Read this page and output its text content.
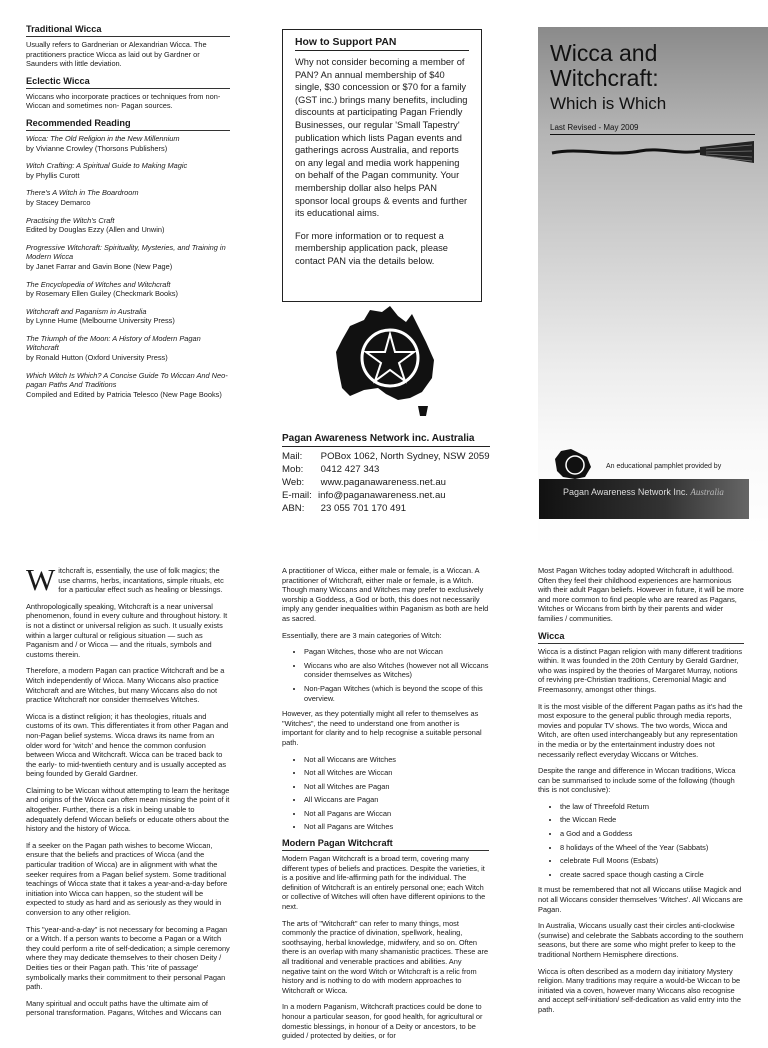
Traditional Wicca

Usually refers to Gardnerian or Alexandrian Wicca. The practitioners practice Wicca as laid out by Gardner or Saunders with little deviation.

Eclectic Wicca

Wiccans who incorporate practices or techniques from non-Wiccan and sometimes non- Pagan sources.

Recommended Reading
Wicca: The Old Religion in the New Millennium
by Vivianne Crowley (Thorsons Publishers)
Witch Crafting: A Spiritual Guide to Making Magic
by Phyllis Curott
There's A Witch in The Boardroom
by Stacey Demarco
Practising the Witch's Craft
Edited by Douglas Ezzy (Allen and Unwin)
Progressive Witchcraft: Spirituality, Mysteries, and Training in Modern Wicca
by Janet Farrar and Gavin Bone (New Page)
The Encyclopedia of Witches and Witchcraft
by Rosemary Ellen Guiley (Checkmark Books)
Witchcraft and Paganism in Australia
by Lynne Hume (Melbourne University Press)
The Triumph of the Moon: A History of Modern Pagan Witchcraft
by Ronald Hutton (Oxford University Press)
Which Witch Is Which? A Concise Guide To Wiccan And Neo-pagan Paths And Traditions
Compiled and Edited by Patricia Telesco (New Page Books)
How to Support PAN

Why not consider becoming a member of PAN? An annual membership of $40 single, $30 concession or $70 for a family (GST inc.) brings many benefits, including discounts at participating Pagan Friendly Businesses, our regular 'Small Tapestry' publication which lists Pagan events and gatherings across Australia, and reports on any legal and media work happening on behalf of the Pagan community. Your membership dollar also helps PAN sponsor local groups & events and further its educational aims.

For more information or to request a membership application pack, please contact PAN via the details below.

Pagan Awareness Network inc. Australia
Mail: POBox 1062, North Sydney, NSW 2059
Mob: 0412 427 343
Web: www.paganawareness.net.au
E-mail: info@paganawareness.net.au
ABN: 23 055 701 170 491
Wicca and
Witchcraft:
Which is Which
Last Revised - May 2009
An educational pamphlet provided by
Pagan Awareness Network Inc. Australia

Witchcraft is, essentially, the use of folk magics; the use charms, herbs, incantations, simple rituals, etc for a particular effect such as healing or blessings.

Anthropologically speaking, Witchcraft is a near universal phenomenon, found in every culture and throughout history. It is not a distinct or universal religion as such. It usually exists within a larger cultural or religious situation — such as Paganism and / or Wicca — and the rituals, symbols and customs therein.

Therefore, a modern Pagan can practice Witchcraft and be a Witch independently of Wicca. Many Wiccans also practice Witchcraft and are Witches, but many Wiccans also do not practice Witchcraft nor consider themselves Witches.

Wicca is a distinct religion; it has theologies, rituals and customs of its own. This differentiates it from other Pagan and non-Pagan belief systems. Wicca draws its name from an older word for 'witch' and hence the common confusion between Wicca and Witchcraft. Wicca can be traced back to the early- to mid-twentieth century and is usually accepted as being founded by Gerald Gardner.

Claiming to be Wiccan without attempting to learn the heritage and origins of the Wicca can often mean missing the point of it altogether. Further, there is a risk in being unable to adequately defend Wiccan beliefs or educate others about the history and the history of Wicca.

If a seeker on the Pagan path wishes to become Wiccan, ensure that the beliefs and practices of Wicca (and the particular tradition of Wicca) are in alignment with what the seeker requires from a Pagan belief system. Some traditional teachings of Wicca state that it takes a year-and-a-day before initiation into Wicca can happen, so the student will be expected to study as hard and as seriously as they would in conversion to any other religion.

This "year-and-a-day" is not necessary for becoming a Pagan or a Witch. If a person wants to become a Pagan or a Witch they could perform a rite of self-dedication; a simple ceremony where they may dedicate themselves to their chosen Deity / Deities ties or their Pagan path. This 'rite of passage' symbolically marks their commitment to their personal Pagan path.

Many spiritual and occult paths have the ultimate aim of personal transformation. Pagans, Witches and Wiccans can

A practitioner of Wicca, either male or female, is a Wiccan. A practitioner of Witchcraft, either male or female, is a Witch. Though many Wiccans and Witches may prefer to exclusively worship a Goddess, a God or both, this does not necessarily imply any gender inequalities within Paganism as both are held as sacred.

Essentially, there are 3 main categories of Witch:

• Pagan Witches, those who are not Wiccan
• Wiccans who are also Witches (however not all Wiccans consider themselves as Witches)
• Non-Pagan Witches (which is beyond the scope of this overview.

However, as they potentially might all refer to themselves as "Witches", the need to understand one from another is important for clarity and to help recognise a suitable personal path.

• Not all Wiccans are Witches
• Not all Witches are Wiccan
• Not all Witches are Pagan
• All Wiccans are Pagan
• Not all Pagans are Wiccan
• Not all Pagans are Witches
Modern Pagan Witchcraft

Modern Pagan Witchcraft is a broad term, covering many different types of beliefs and practices. Despite the varieties, it is a positive and life-affirming path for the individual. The definition of Witchcraft is an entirely personal one; each Witch or collective of Witches will often have different opinions to the next.

The arts of "Witchcraft" can refer to many things, most commonly the practice of divination, spellwork, healing, soothsaying, herbal knowledge, midwifery, and so on. Often there is an overlap with many shamanistic practices. These are all traditional and venerable practices and abilities. Any negative taint on the word Witch or Witchcraft is a relic from history and is nothing to do with modern approaches to Witchcraft or Wicca.

In a modern Paganism, Witchcraft practices could be done to honour a particular season, for good health, for agricultural or domestic blessings, in honour of a Deity or ancestors, to be guided / protected by deities, or for

Most Pagan Witches today adopted Witchcraft in adulthood. Often they feel their childhood experiences are harmonious with their adult Pagan beliefs. However in future, it will be more and more common to find people who are reared as Pagans, Witches or Wiccans from birth by their parents and wider families / communities.

Wicca

Wicca is a distinct Pagan religion with many different traditions within. It was founded in the 20th Century by Gerald Gardner, who was inspired by the theories of Margaret Murray, notions of reviving pre-Christian traditions, Ceremonial Magic and Freemasonry, amongst other things.

It is the most visible of the different Pagan paths as it's had the most exposure to the general public through media reports, movies and popular TV shows. The two words, Wicca and Witch, are often used interchangeably but any representation in the media or by the entertainment industry does not necessarily reflect everyday Wiccans or Witches.

Despite the range and difference in Wiccan traditions, Wicca can be summarised to include some of the following (though this is not conclusive):

• the law of Threefold Return
• the Wiccan Rede
• a God and a Goddess
• 8 holidays of the Wheel of the Year (Sabbats)
• celebrate Full Moons (Esbats)
• create sacred space though casting a Circle

It must be remembered that not all Wiccans utilise Magick and not all Wiccans consider themselves 'Witches'. All Wiccans are Pagan.

In Australia, Wiccans usually cast their circles anti-clockwise (sunwise) and celebrate the Sabbats according to the southern seasons, but there are some who might prefer to keep to the traditional Northern Hemisphere directions.

Wicca is often described as a modern day initiatory Mystery religion. Many traditions may require a would-be Wiccan to be initiated via a coven, however many Wiccans also recognise and accept self-initiation/ self-dedication as valid entry into the path.
